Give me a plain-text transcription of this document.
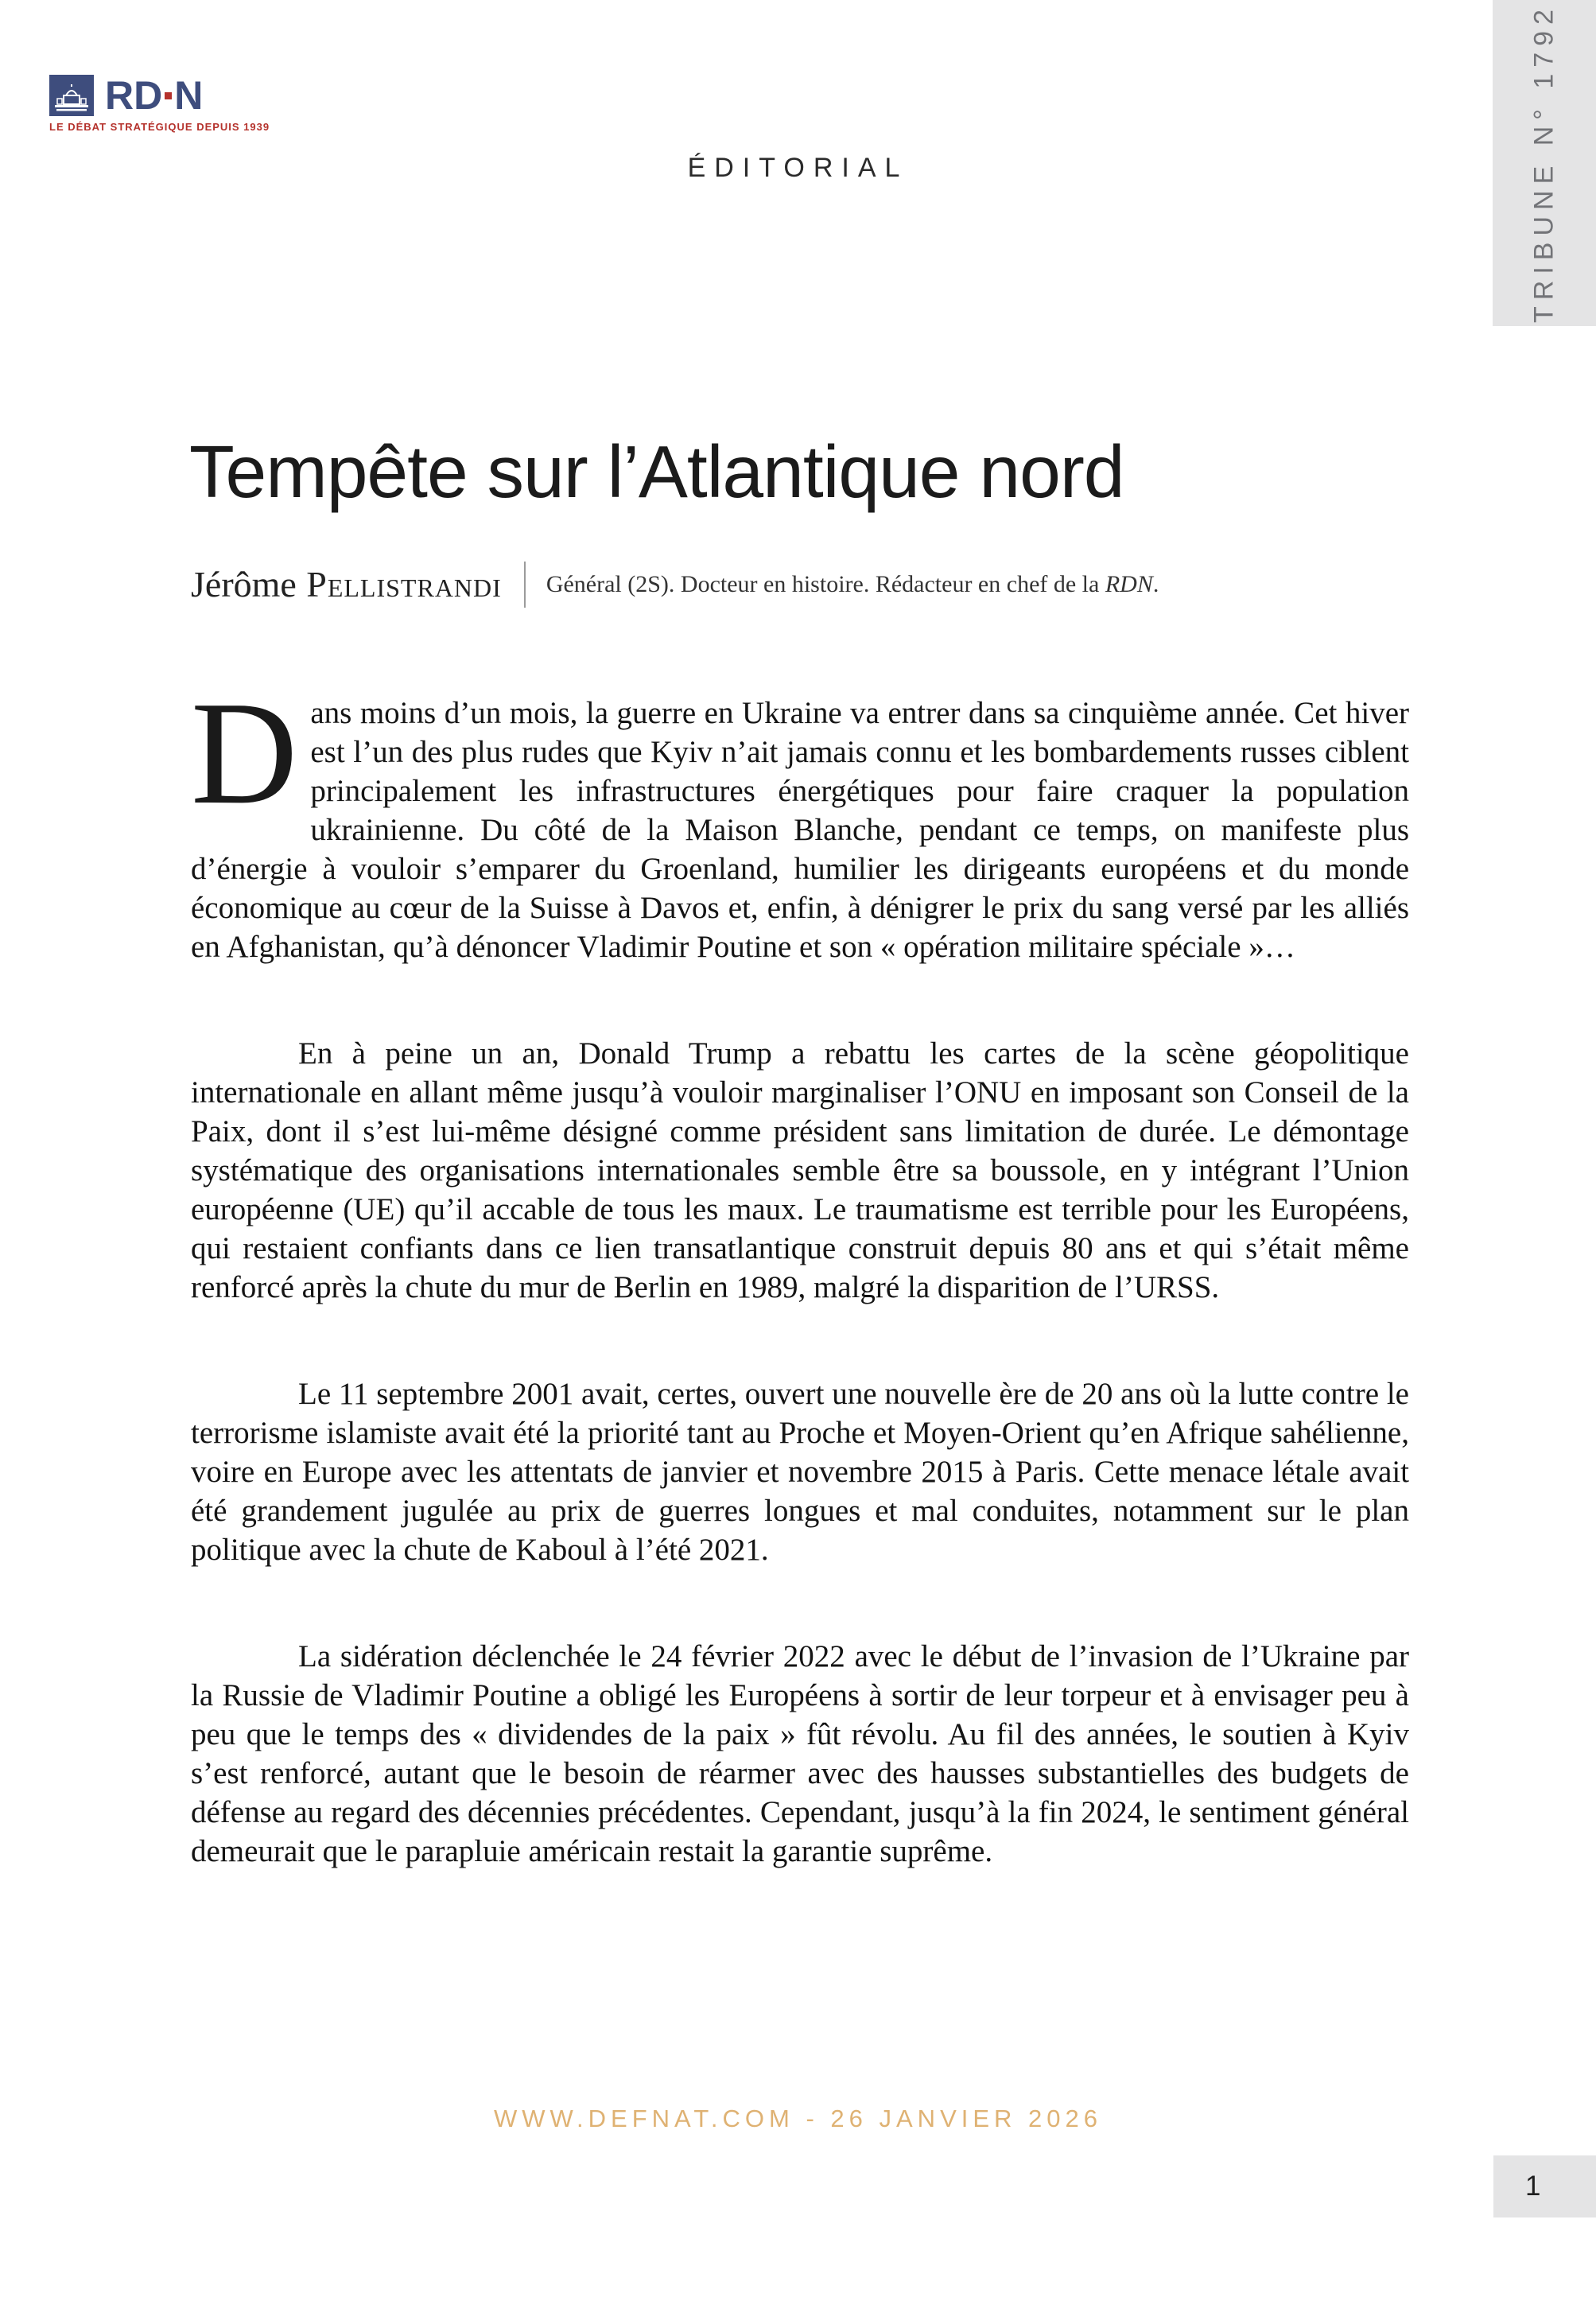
TRIBUNE N° 1792
RD N
LE DÉBAT STRATÉGIQUE DEPUIS 1939
ÉDITORIAL
Tempête sur l’Atlantique nord
Jérôme Pellistrandi Général (2S). Docteur en histoire. Rédacteur en chef de la RDN.

Dans moins d’un mois, la guerre en Ukraine va entrer dans sa cinquième année. Cet hiver est l’un des plus rudes que Kyiv n’ait jamais connu et les bombardements russes ciblent principalement les infrastructures énergétiques pour faire craquer la population ukrainienne. Du côté de la Maison Blanche, pendant ce temps, on manifeste plus d’énergie à vouloir s’emparer du Groenland, humilier les dirigeants européens et du monde économique au cœur de la Suisse à Davos et, enfin, à dénigrer le prix du sang versé par les alliés en Afghanistan, qu’à dénoncer Vladimir Poutine et son « opération militaire spéciale »…

En à peine un an, Donald Trump a rebattu les cartes de la scène géopolitique internationale en allant même jusqu’à vouloir marginaliser l’ONU en imposant son Conseil de la Paix, dont il s’est lui-même désigné comme président sans limitation de durée. Le démontage systématique des organisations internationales semble être sa boussole, en y intégrant l’Union européenne (UE) qu’il accable de tous les maux. Le traumatisme est terrible pour les Européens, qui restaient confiants dans ce lien transatlantique construit depuis 80 ans et qui s’était même renforcé après la chute du mur de Berlin en 1989, malgré la disparition de l’URSS.

Le 11 septembre 2001 avait, certes, ouvert une nouvelle ère de 20 ans où la lutte contre le terrorisme islamiste avait été la priorité tant au Proche et Moyen-Orient qu’en Afrique sahélienne, voire en Europe avec les attentats de janvier et novembre 2015 à Paris. Cette menace létale avait été grandement jugulée au prix de guerres longues et mal conduites, notamment sur le plan politique avec la chute de Kaboul à l’été 2021.

La sidération déclenchée le 24 février 2022 avec le début de l’invasion de l’Ukraine par la Russie de Vladimir Poutine a obligé les Européens à sortir de leur torpeur et à envisager peu à peu que le temps des « dividendes de la paix » fût révolu. Au fil des années, le soutien à Kyiv s’est renforcé, autant que le besoin de réarmer avec des hausses substantielles des budgets de défense au regard des décennies précédentes. Cependant, jusqu’à la fin 2024, le sentiment général demeurait que le parapluie américain restait la garantie suprême.

WWW.DEFNAT.COM - 26 JANVIER 2026
1
